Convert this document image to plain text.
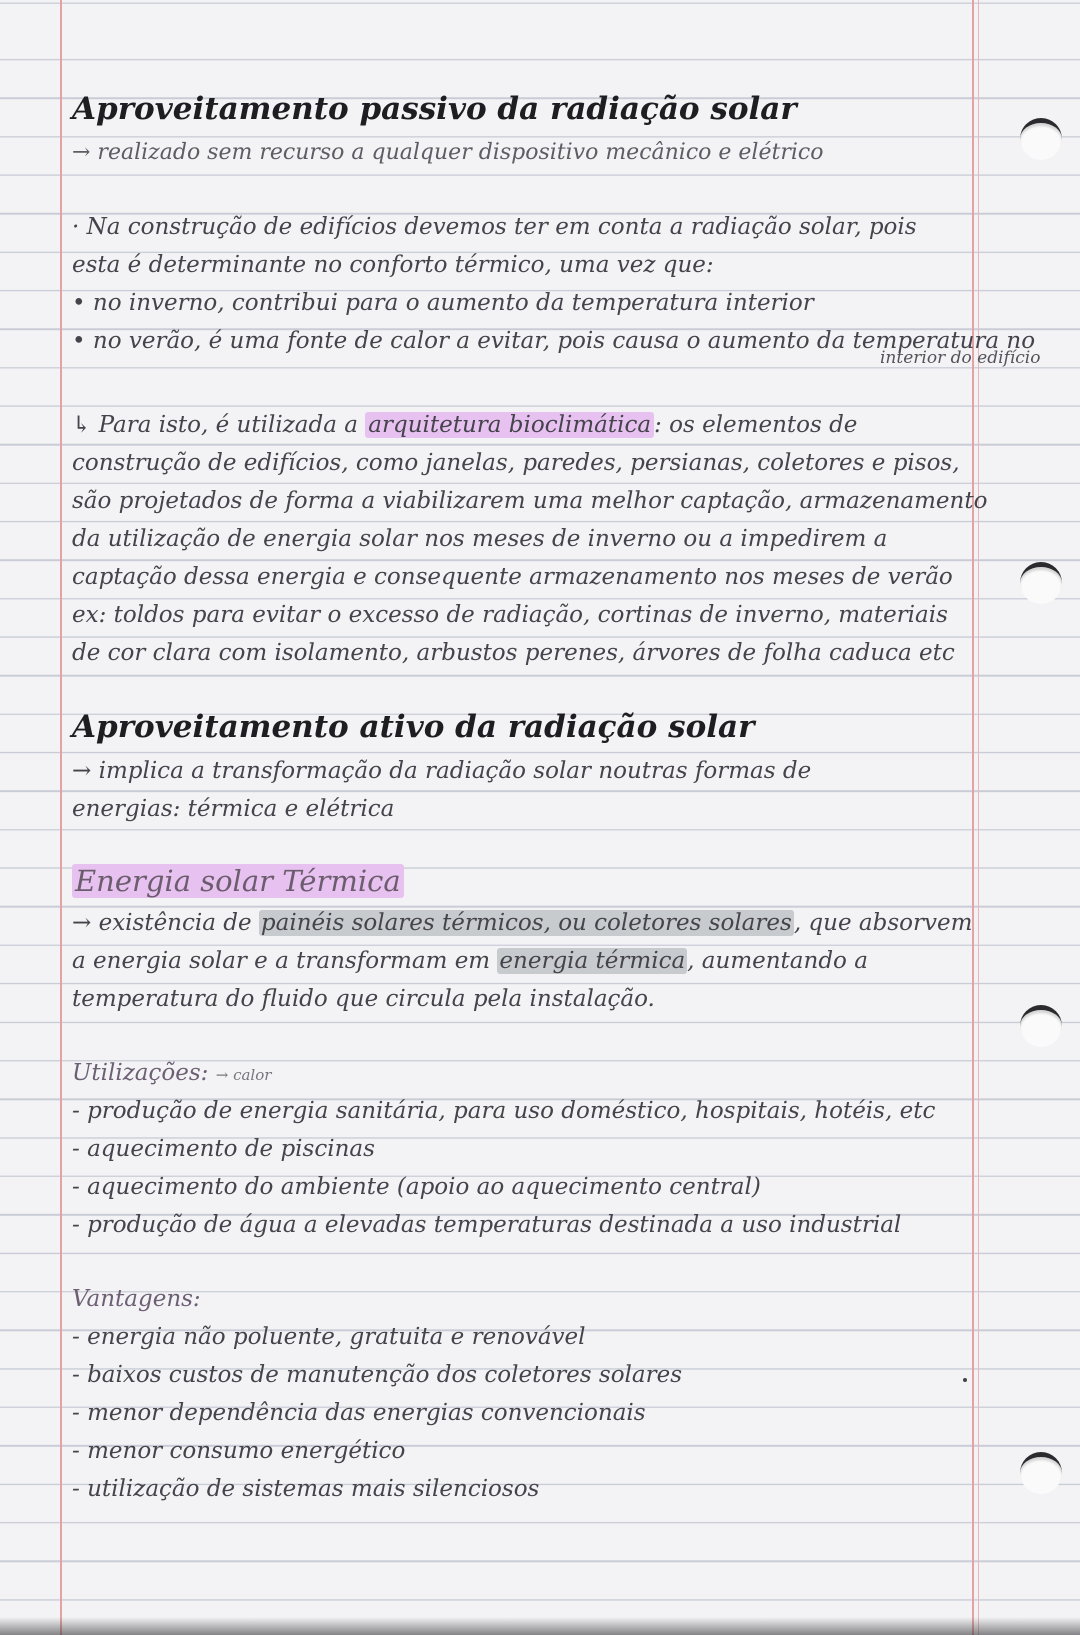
Aproveitamento passivo da radiação solar
→ realizado sem recurso a qualquer dispositivo mecânico e elétrico
· Na construção de edifícios devemos ter em conta a radiação solar, pois
esta é determinante no conforto térmico, uma vez que:
• no inverno, contribui para o aumento da temperatura interior
• no verão, é uma fonte de calor a evitar, pois causa o aumento da temperatura no
interior do edifício
↳ Para isto, é utilizada a arquitetura bioclimática : os elementos de
construção de edifícios, como janelas, paredes, persianas, coletores e pisos,
são projetados de forma a viabilizarem uma melhor captação, armazenamento
da utilização de energia solar nos meses de inverno ou a impedirem a
captação dessa energia e consequente armazenamento nos meses de verão
ex: toldos para evitar o excesso de radiação, cortinas de inverno, materiais
de cor clara com isolamento, arbustos perenes, árvores de folha caduca etc
Aproveitamento ativo da radiação solar
→ implica a transformação da radiação solar noutras formas de
energias: térmica e elétrica
Energia solar Térmica
→ existência de painéis solares térmicos, ou coletores solares, que absorvem
a energia solar e a transformam em energia térmica, aumentando a
temperatura do fluido que circula pela instalação.
Utilizações: → calor
- produção de energia sanitária, para uso doméstico, hospitais, hotéis, etc
- aquecimento de piscinas
- aquecimento do ambiente (apoio ao aquecimento central)
- produção de água a elevadas temperaturas destinada a uso industrial
Vantagens:
- energia não poluente, gratuita e renovável
- baixos custos de manutenção dos coletores solares
- menor dependência das energias convencionais
- menor consumo energético
- utilização de sistemas mais silenciosos
